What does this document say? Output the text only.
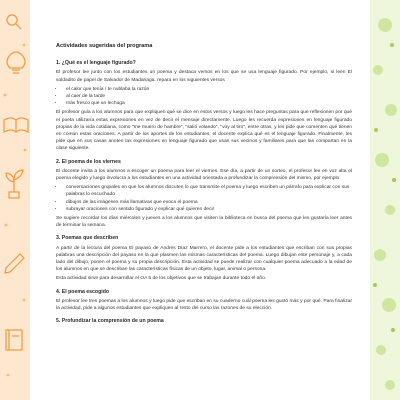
Actividades sugeridas del programa
1. ¿Qué es el lenguaje figurado?

El profesor lee junto con los estudiantes un poema y destaca versos en los que se usa lenguaje figurado. Por ejemplo, si leen El soldadito de papel de Salvador de Madariaga, repara en los siguientes versos

• el calor que tenía / te nublaba la razón
• al caer de la tarde
• más fresco que un lechuga

El profesor guía a los alumnos para que expliquen qué se dice en estos versos y luego les hace preguntas para que reflexionen por qué el poeta utilizaría estas expresiones en vez de decir el mensaje directamente. Luego les recuerda expresiones en lenguaje figurado propias de la vida cotidiana, como "me muero de hambre", "salió volando", "voy al tiro", entre otras, y les pide que comenten qué tienen en común estas oraciones. A partir de los aportes de los estudiantes, el docente explica qué es el lenguaje figurado. Finalmente, les pide que en sus casas anoten las expresiones en lenguaje figurado que usan sus vecinos y familiares para que las compartan en la clase siguiente.

2. El poema de los viernes

El docente invita a los alumnos a escoger un poema para leer el viernes. Ese día, a partir de un sorteo, el profesor lee en voz alta el poema elegido y luego involucra a los estudiantes en una actividad orientada a profundizar la comprensión del mismo, por ejemplo

• conversaciones grupales en que los alumnos discuten lo que transmite el poema y luego escriben un párrafo para explicar con sus palabras lo escuchado
• dibujos de las imágenes más llamativas que evoca el poema
• subrayar oraciones con sentido figurado y explicar qué quieren decir

Se sugiere recordar los días miércoles y jueves a los alumnos que visiten la biblioteca en busca del poema que les gustaría leer antes de terminar la semana.

3. Poemas que describen

A partir de la lectura del poema El payaso de Andrés Díaz Marrero, el docente pide a los estudiantes que escriban con sus propias palabras una descripción del payaso en la que plasmen las mismas características del poema. Luego dibujan este personaje y, a cada lado del dibujo, ponen el poema y su propia descripción. Esta actividad se puede realizar con cualquier poema adecuado a la edad de los alumnos en que se describan las características físicas de un objeto, lugar, animal o persona.

Esta actividad sirve para desarrollar el OA 5 de los objetivos que se trabajan durante todo el año.

4. El poema escogido

El profesor lee tres poemas a los alumnos y luego pide que escriban en su cuaderno cuál poema les gustó más y por qué. Para finalizar la actividad, pide a algunos estudiantes que expliquen al resto del curso las razones de su elección.

5. Profundizar la comprensión de un poema
